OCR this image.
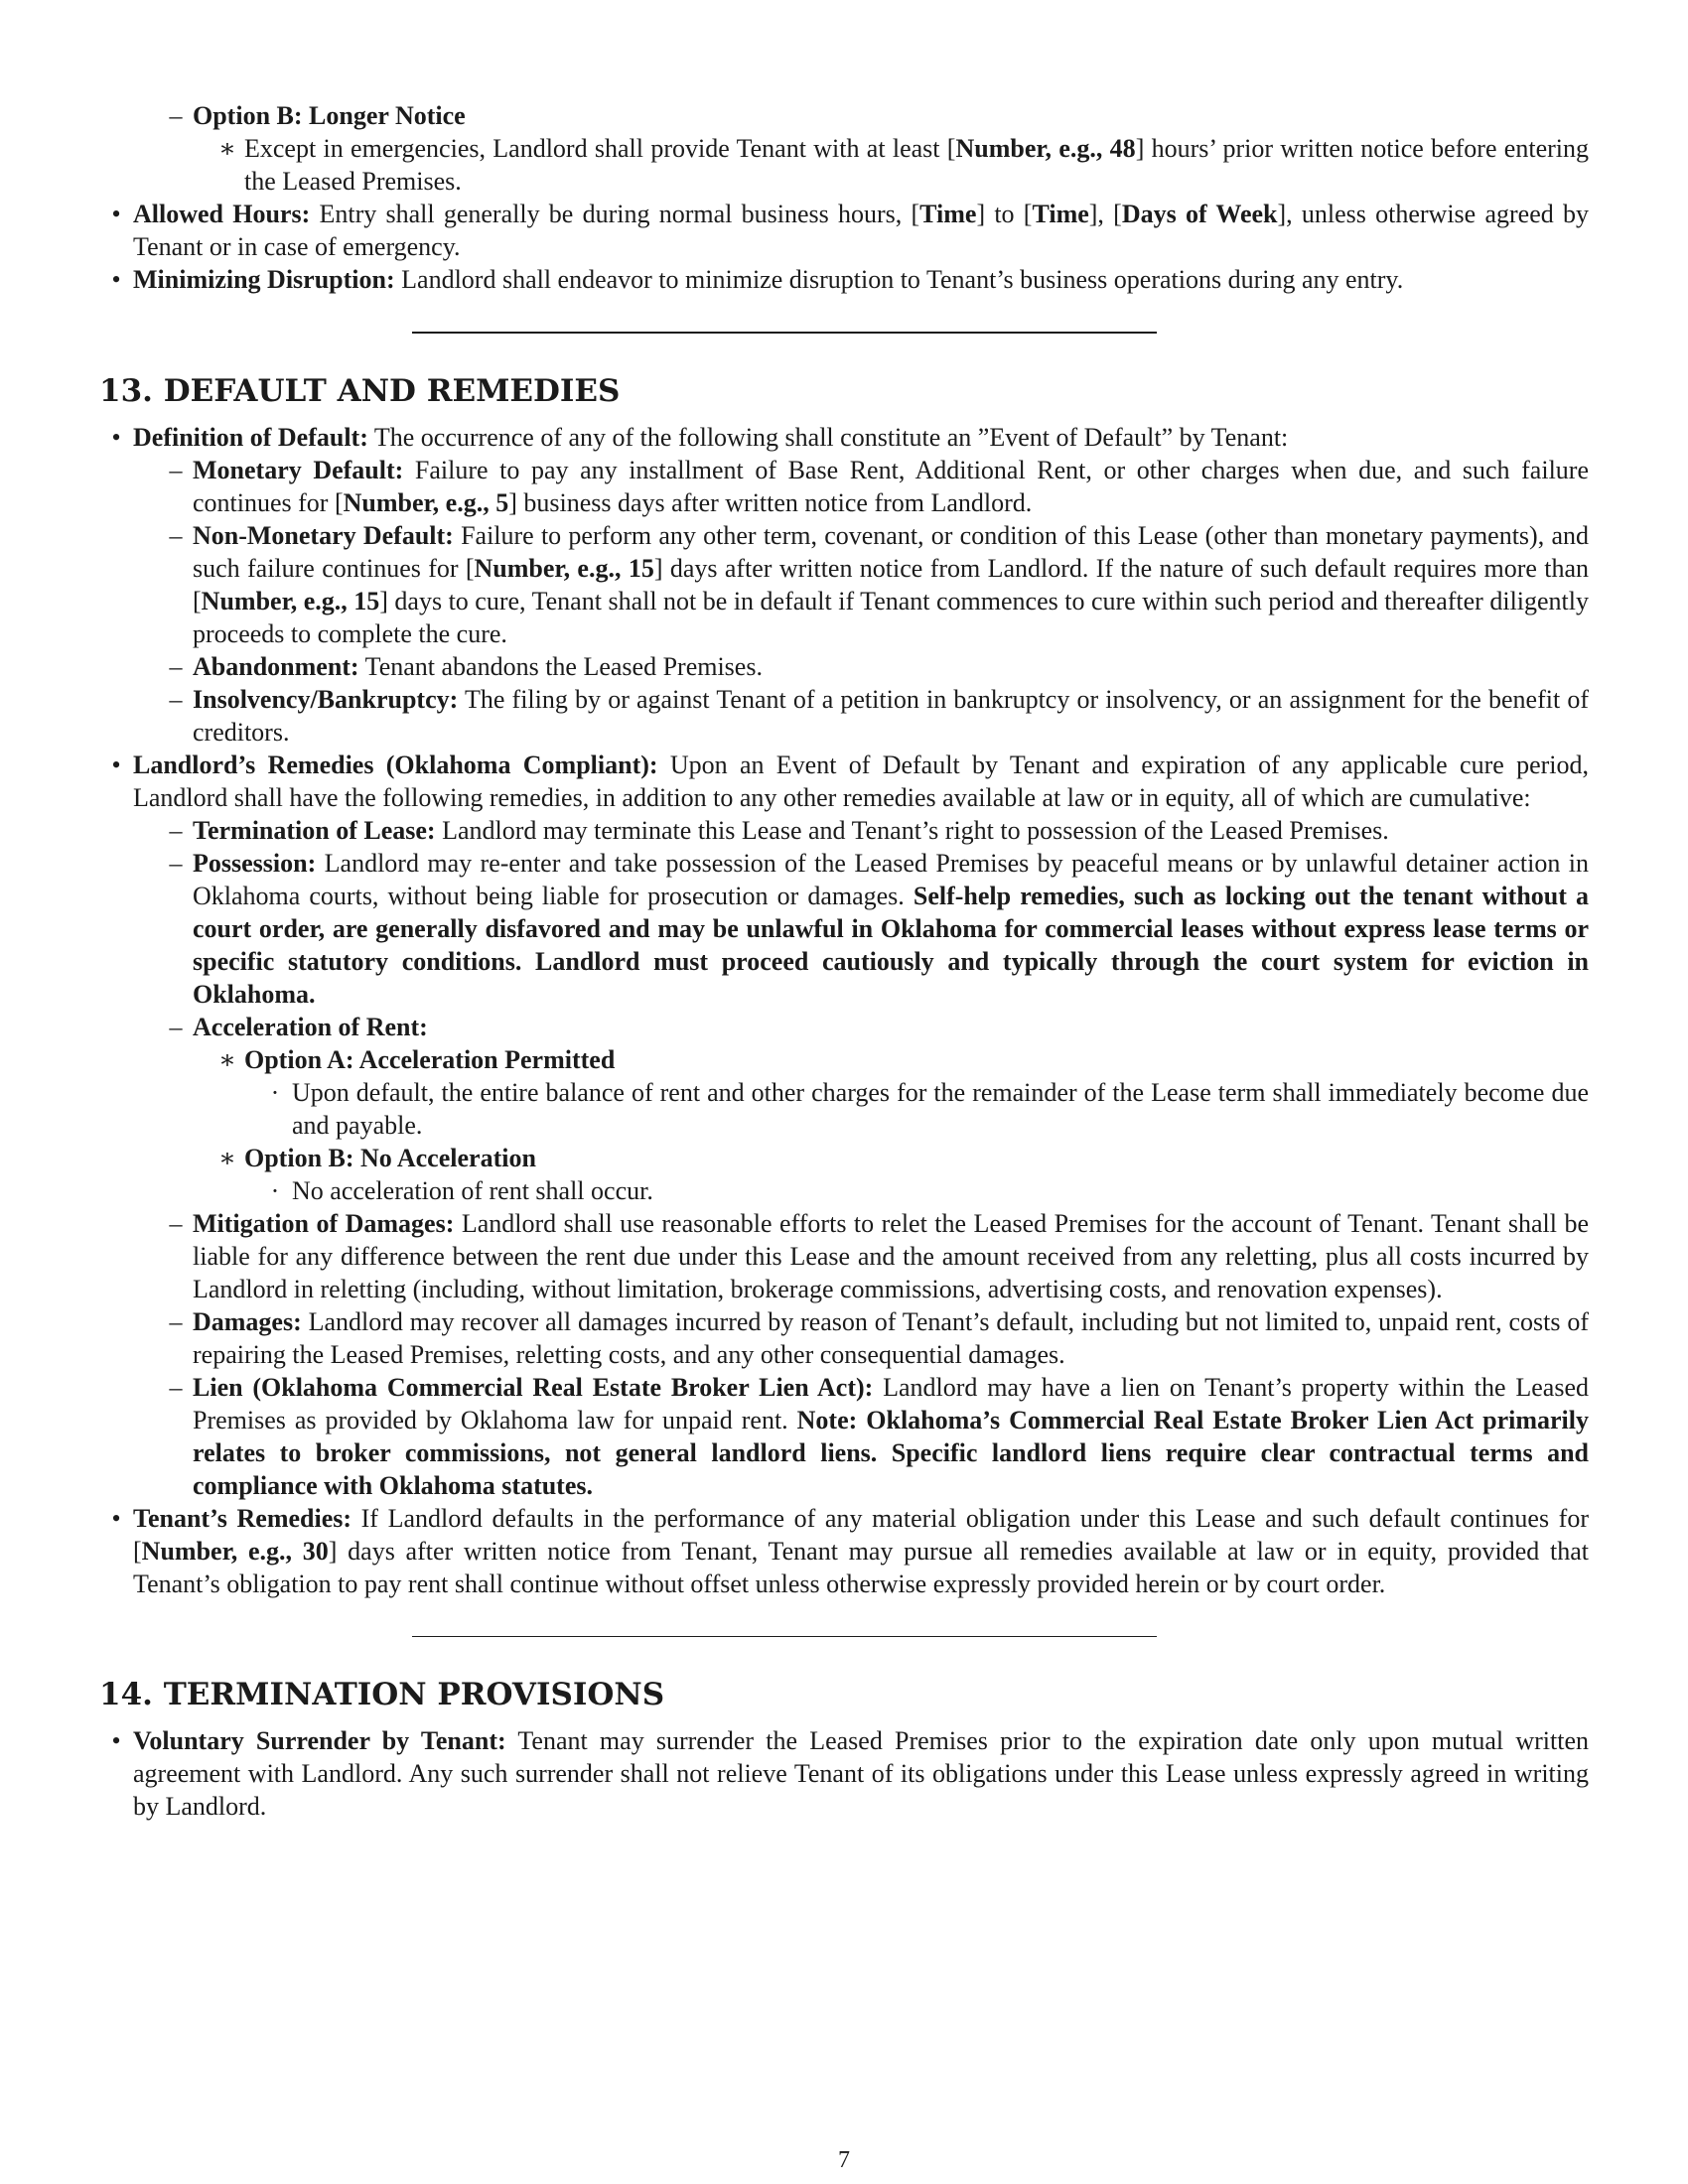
– Option B: Longer Notice
∗ Except in emergencies, Landlord shall provide Tenant with at least [Number, e.g., 48] hours’ prior written notice before entering the Leased Premises.
• Allowed Hours: Entry shall generally be during normal business hours, [Time] to [Time], [Days of Week], unless otherwise agreed by Tenant or in case of emergency.
• Minimizing Disruption: Landlord shall endeavor to minimize disruption to Tenant’s business operations during any entry.
13. DEFAULT AND REMEDIES
• Definition of Default: The occurrence of any of the following shall constitute an ”Event of Default” by Tenant:
– Monetary Default: Failure to pay any installment of Base Rent, Additional Rent, or other charges when due, and such failure continues for [Number, e.g., 5] business days after written notice from Landlord.
– Non-Monetary Default: Failure to perform any other term, covenant, or condition of this Lease (other than monetary payments), and such failure continues for [Number, e.g., 15] days after written notice from Landlord. If the nature of such default requires more than [Number, e.g., 15] days to cure, Tenant shall not be in default if Tenant commences to cure within such period and thereafter diligently proceeds to complete the cure.
– Abandonment: Tenant abandons the Leased Premises.
– Insolvency/Bankruptcy: The filing by or against Tenant of a petition in bankruptcy or insolvency, or an assignment for the benefit of creditors.
• Landlord’s Remedies (Oklahoma Compliant): Upon an Event of Default by Tenant and expiration of any applicable cure period, Landlord shall have the following remedies, in addition to any other remedies available at law or in equity, all of which are cumulative:
– Termination of Lease: Landlord may terminate this Lease and Tenant’s right to possession of the Leased Premises.
– Possession: Landlord may re-enter and take possession of the Leased Premises by peaceful means or by unlawful detainer action in Oklahoma courts, without being liable for prosecution or damages. Self-help remedies, such as locking out the tenant without a court order, are generally disfavored and may be unlawful in Oklahoma for commercial leases without express lease terms or specific statutory conditions. Landlord must proceed cautiously and typically through the court system for eviction in Oklahoma.
– Acceleration of Rent:
∗ Option A: Acceleration Permitted
· Upon default, the entire balance of rent and other charges for the remainder of the Lease term shall immediately become due and payable.
∗ Option B: No Acceleration
· No acceleration of rent shall occur.
– Mitigation of Damages: Landlord shall use reasonable efforts to relet the Leased Premises for the account of Tenant. Tenant shall be liable for any difference between the rent due under this Lease and the amount received from any reletting, plus all costs incurred by Landlord in reletting (including, without limitation, brokerage commissions, advertising costs, and renovation expenses).
– Damages: Landlord may recover all damages incurred by reason of Tenant’s default, including but not limited to, unpaid rent, costs of repairing the Leased Premises, reletting costs, and any other consequential damages.
– Lien (Oklahoma Commercial Real Estate Broker Lien Act): Landlord may have a lien on Tenant’s property within the Leased Premises as provided by Oklahoma law for unpaid rent. Note: Oklahoma’s Commercial Real Estate Broker Lien Act primarily relates to broker commissions, not general landlord liens. Specific landlord liens require clear contractual terms and compliance with Oklahoma statutes.
• Tenant’s Remedies: If Landlord defaults in the performance of any material obligation under this Lease and such default continues for [Number, e.g., 30] days after written notice from Tenant, Tenant may pursue all remedies available at law or in equity, provided that Tenant’s obligation to pay rent shall continue without offset unless otherwise expressly provided herein or by court order.
14. TERMINATION PROVISIONS
• Voluntary Surrender by Tenant: Tenant may surrender the Leased Premises prior to the expiration date only upon mutual written agreement with Landlord. Any such surrender shall not relieve Tenant of its obligations under this Lease unless expressly agreed in writing by Landlord.
7
